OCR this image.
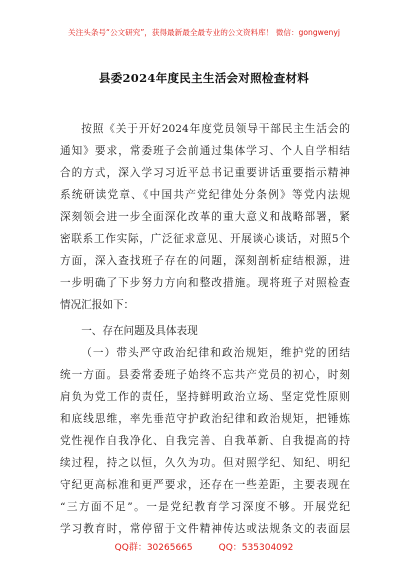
关注头条号“公文研究”，获得最新最全最专业的公文资料库！ 微信：gongwenyj
县委2024年度民主生活会对照检查材料

按照《关于开好2024年度党员领导干部民主生活会的

通知》要求，常委班子会前通过集体学习、个人自学相结

合的方式，深入学习习近平总书记重要讲话重要指示精神

系统研读党章、《中国共产党纪律处分条例》等党内法规

深刻领会进一步全面深化改革的重大意义和战略部署，紧

密联系工作实际，广泛征求意见、开展谈心谈话，对照5个

方面，深入查找班子存在的问题，深刻剖析症结根源，进

一步明确了下步努力方向和整改措施。现将班子对照检查

情况汇报如下：

一、存在问题及具体表现

（一）带头严守政治纪律和政治规矩，维护党的团结

统一方面。县委常委班子始终不忘共产党员的初心，时刻

肩负为党工作的责任，坚持鲜明政治立场、坚定党性原则

和底线思维，率先垂范守护政治纪律和政治规矩，把锤炼

党性视作自我净化、自我完善、自我革新、自我提高的持

续过程，持之以恒，久久为功。但对照学纪、知纪、明纪

守纪更高标准和更严要求，还存在一些差距，主要表现在

“三方面不足”。一是党纪教育学习深度不够。开展党纪

学习教育时，常停留于文件精神传达或法规条文的表面层

QQ群：30265665	QQ：535304092
